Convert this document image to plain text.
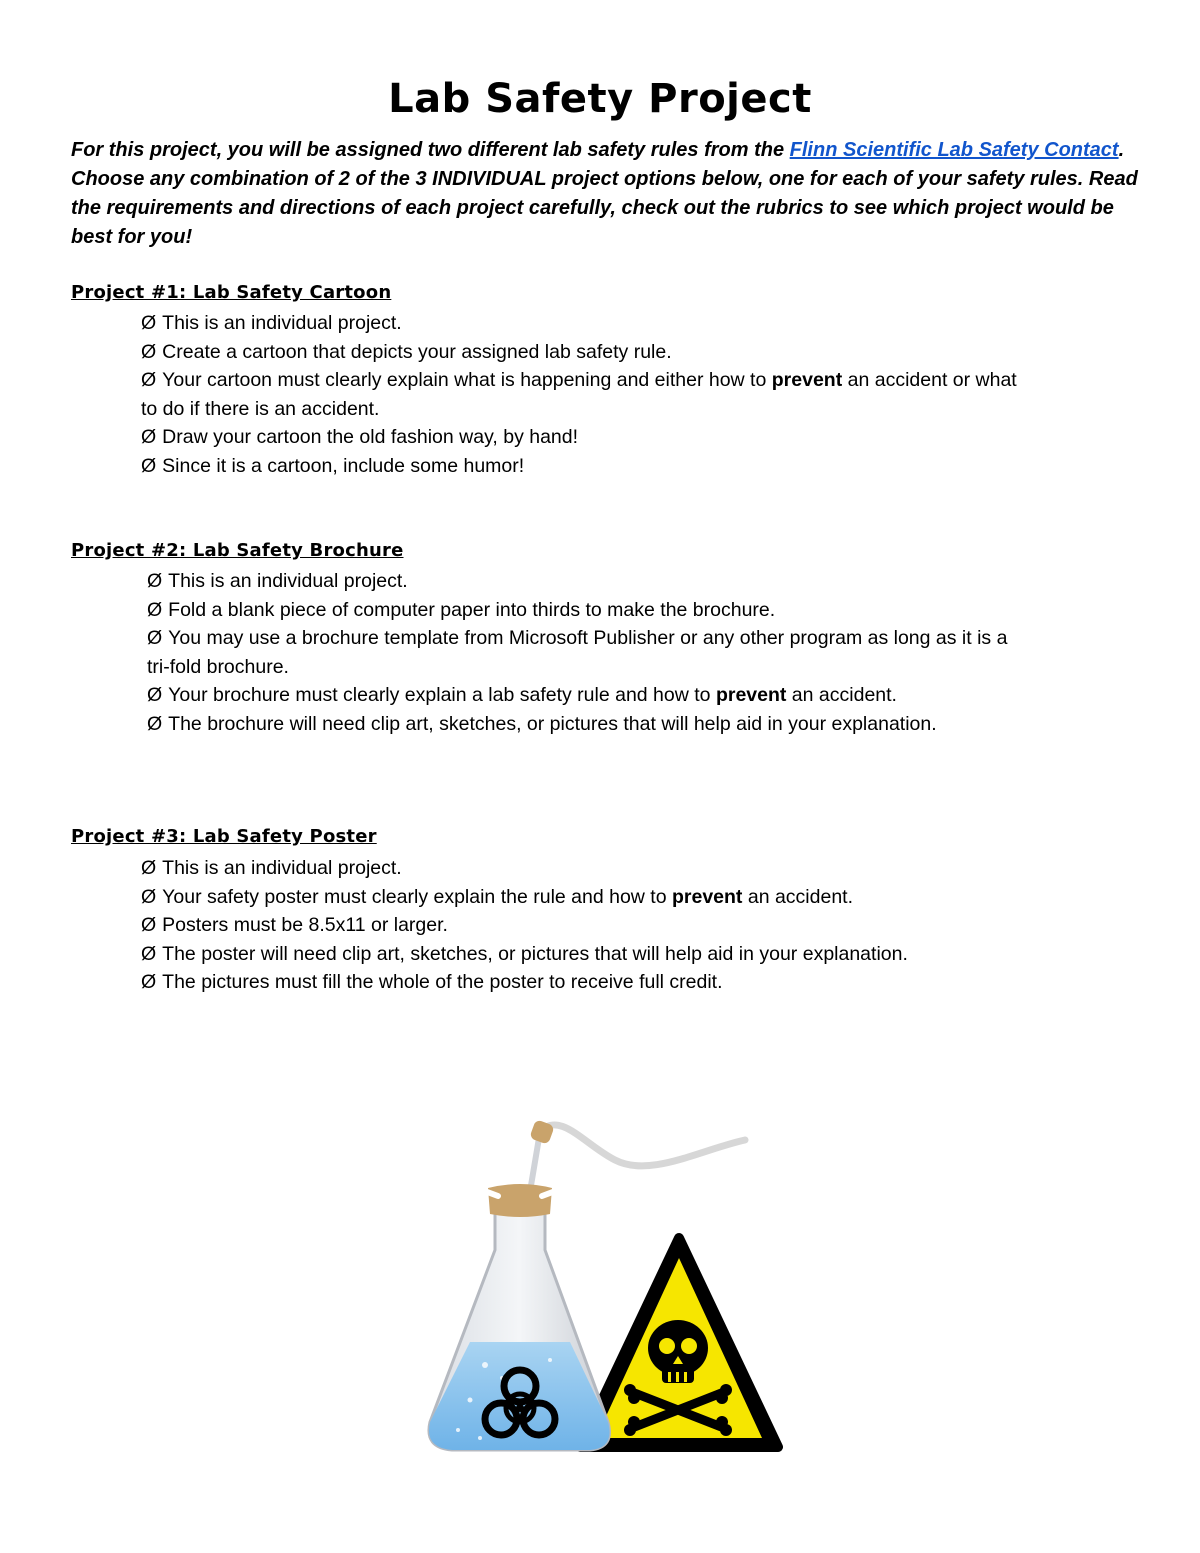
Lab Safety Project

For this project, you will be assigned two different lab safety rules from the Flinn Scientific Lab Safety Contact. Choose any combination of 2 of the 3 INDIVIDUAL project options below, one for each of your safety rules. Read the requirements and directions of each project carefully, check out the rubrics to see which project would be best for you!

Project #1: Lab Safety Cartoon
Ø This is an individual project.
Ø Create a cartoon that depicts your assigned lab safety rule.
Ø Your cartoon must clearly explain what is happening and either how to prevent an accident or what
to do if there is an accident.
Ø Draw your cartoon the old fashion way, by hand!
Ø Since it is a cartoon, include some humor!
Project #2: Lab Safety Brochure
Ø This is an individual project.
Ø Fold a blank piece of computer paper into thirds to make the brochure.
Ø You may use a brochure template from Microsoft Publisher or any other program as long as it is a
tri-fold brochure.
Ø Your brochure must clearly explain a lab safety rule and how to prevent an accident.
Ø The brochure will need clip art, sketches, or pictures that will help aid in your explanation.
Project #3: Lab Safety Poster
Ø This is an individual project.
Ø Your safety poster must clearly explain the rule and how to prevent an accident.
Ø Posters must be 8.5x11 or larger.
Ø The poster will need clip art, sketches, or pictures that will help aid in your explanation.
Ø The pictures must fill the whole of the poster to receive full credit.
